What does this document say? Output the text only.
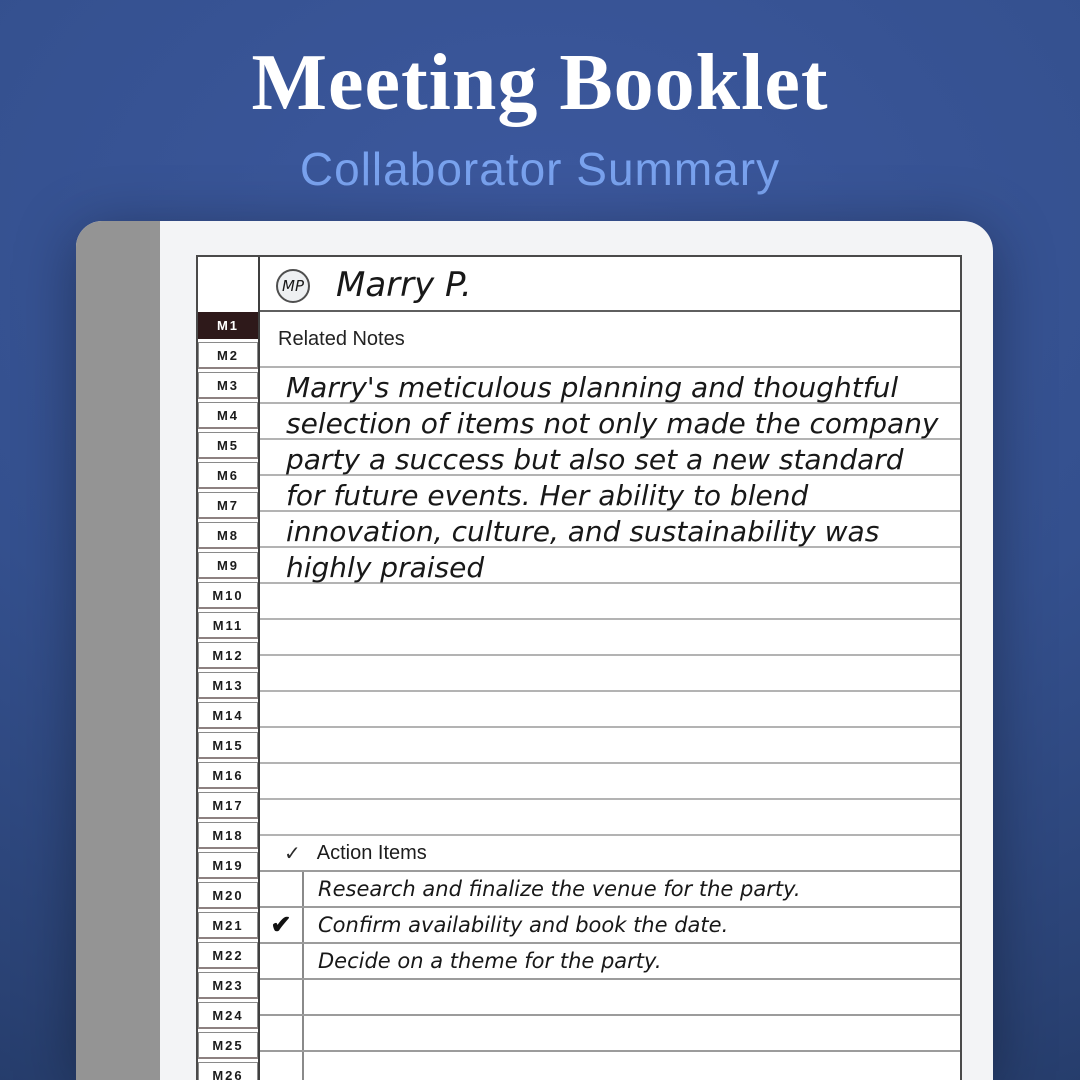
Meeting Booklet
Collaborator Summary
M1
M2
M3
M4
M5
M6
M7
M8
M9
M10
M11
M12
M13
M14
M15
M16
M17
M18
M19
M20
M21
M22
M23
M24
M25
M26
MP Marry P.
Related Notes
Marry's meticulous planning and thoughtful
selection of items not only made the company
party a success but also set a new standard
for future events. Her ability to blend
innovation, culture, and sustainability was
highly praised
✓ Action Items
Research and finalize the venue for the party.
✔	Confirm availability and book the date.
Decide on a theme for the party.
